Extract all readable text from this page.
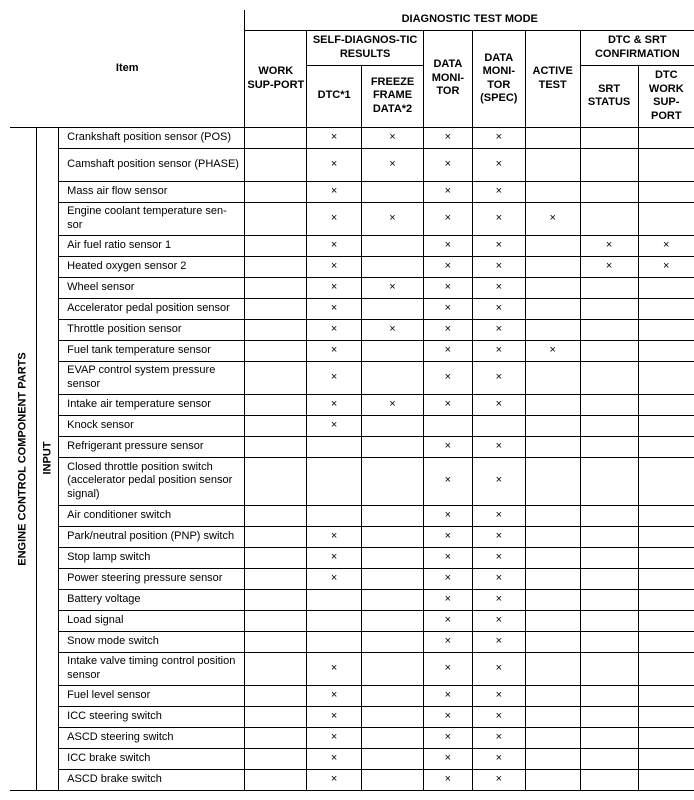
Item			DIAGNOSTIC TEST MODE							
			WORK SUP-PORT	SELF-DIAGNOS-TIC RESULTS		DATA MONI-TOR	DATA MONI-TOR (SPEC)	ACTIVE TEST	DTC & SRT CONFIRMATION	
				DTC*1	FREEZE FRAME DATA*2				SRT STATUS	DTC WORK SUP-PORT

ENGINE CONTROL COMPONENT PARTS	INPUT	Crankshaft position sensor (POS)		×	×	×	×			
		Camshaft position sensor (PHASE)		×	×	×	×			
		Mass air flow sensor		×		×	×			
		Engine coolant temperature sen-sor		×	×	×	×	×		
		Air fuel ratio sensor 1		×		×	×		×	×
		Heated oxygen sensor 2		×		×	×		×	×
		Wheel sensor		×	×	×	×			
		Accelerator pedal position sensor		×		×	×			
		Throttle position sensor		×	×	×	×			
		Fuel tank temperature sensor		×		×	×	×		
		EVAP control system pressure sensor		×		×	×			
		Intake air temperature sensor		×	×	×	×			
		Knock sensor		×						
		Refrigerant pressure sensor				×	×			
		Closed throttle position switch (accelerator pedal position sensor signal)				×	×			
		Air conditioner switch				×	×			
		Park/neutral position (PNP) switch		×		×	×			
		Stop lamp switch		×		×	×			
		Power steering pressure sensor		×		×	×			
		Battery voltage				×	×			
		Load signal				×	×			
		Snow mode switch				×	×			
		Intake valve timing control position sensor		×		×	×			
		Fuel level sensor		×		×	×			
		ICC steering switch		×		×	×			
		ASCD steering switch		×		×	×			
		ICC brake switch		×		×	×			
		ASCD brake switch		×		×	×			
